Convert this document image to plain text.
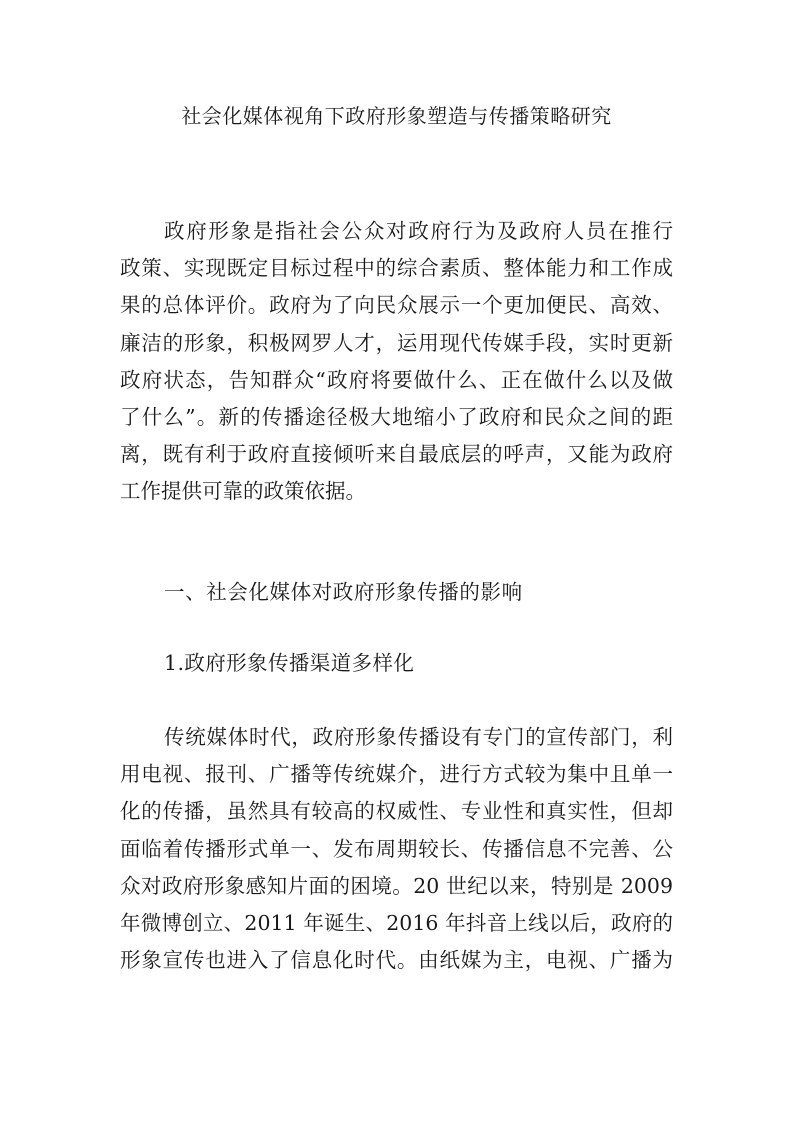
社会化媒体视角下政府形象塑造与传播策略研究
政府形象是指社会公众对政府行为及政府人员在推行
政策、实现既定目标过程中的综合素质、整体能力和工作成
果的总体评价。政府为了向民众展示一个更加便民、高效、
廉洁的形象，积极网罗人才，运用现代传媒手段，实时更新
政府状态，告知群众“政府将要做什么、正在做什么以及做
了什么”。新的传播途径极大地缩小了政府和民众之间的距
离，既有利于政府直接倾听来自最底层的呼声，又能为政府
工作提供可靠的政策依据。
一、社会化媒体对政府形象传播的影响
1.政府形象传播渠道多样化
传统媒体时代，政府形象传播设有专门的宣传部门，利
用电视、报刊、广播等传统媒介，进行方式较为集中且单一
化的传播，虽然具有较高的权威性、专业性和真实性，但却
面临着传播形式单一、发布周期较长、传播信息不完善、公
众对政府形象感知片面的困境。20 世纪以来，特别是 2009
年微博创立、2011 年诞生、2016 年抖音上线以后，政府的
形象宣传也进入了信息化时代。由纸媒为主，电视、广播为
